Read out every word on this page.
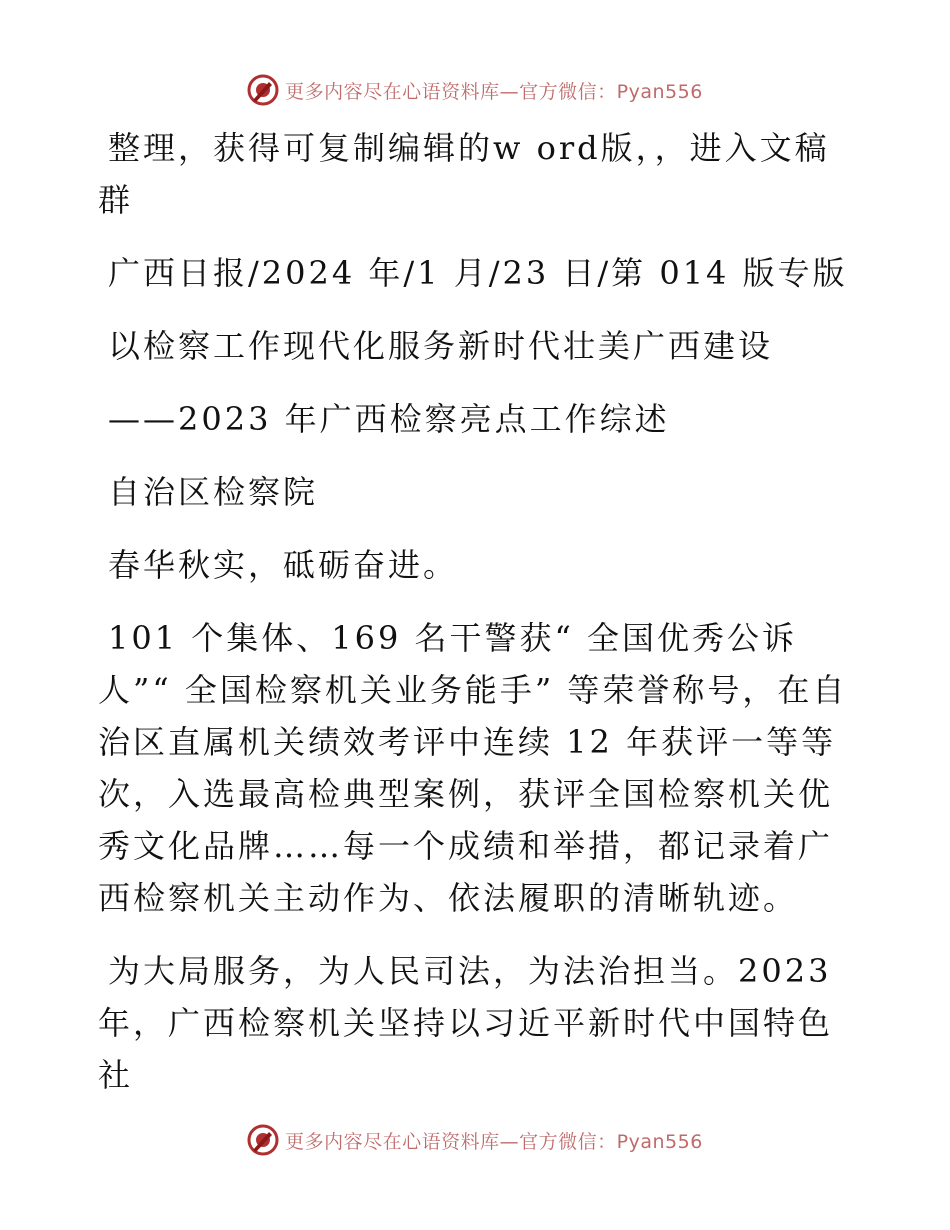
更多内容尽在心语资料库—官方微信：Pyan556

整理，获得可复制编辑的w ord版，，进入文稿群

广西日报/2024 年/1 月/23 日/第 014 版专版

以检察工作现代化服务新时代壮美广西建设

——2023 年广西检察亮点工作综述

自治区检察院

春华秋实，砥砺奋进。

101 个集体、169 名干警获“ 全国优秀公诉人”“ 全国检察机关业务能手” 等荣誉称号，在自治区直属机关绩效考评中连续 12 年获评一等等次，入选最高检典型案例，获评全国检察机关优秀文化品牌……每一个成绩和举措，都记录着广西检察机关主动作为、依法履职的清晰轨迹。

为大局服务，为人民司法，为法治担当。2023 年，广西检察机关坚持以习近平新时代中国特色社

更多内容尽在心语资料库—官方微信：Pyan556
